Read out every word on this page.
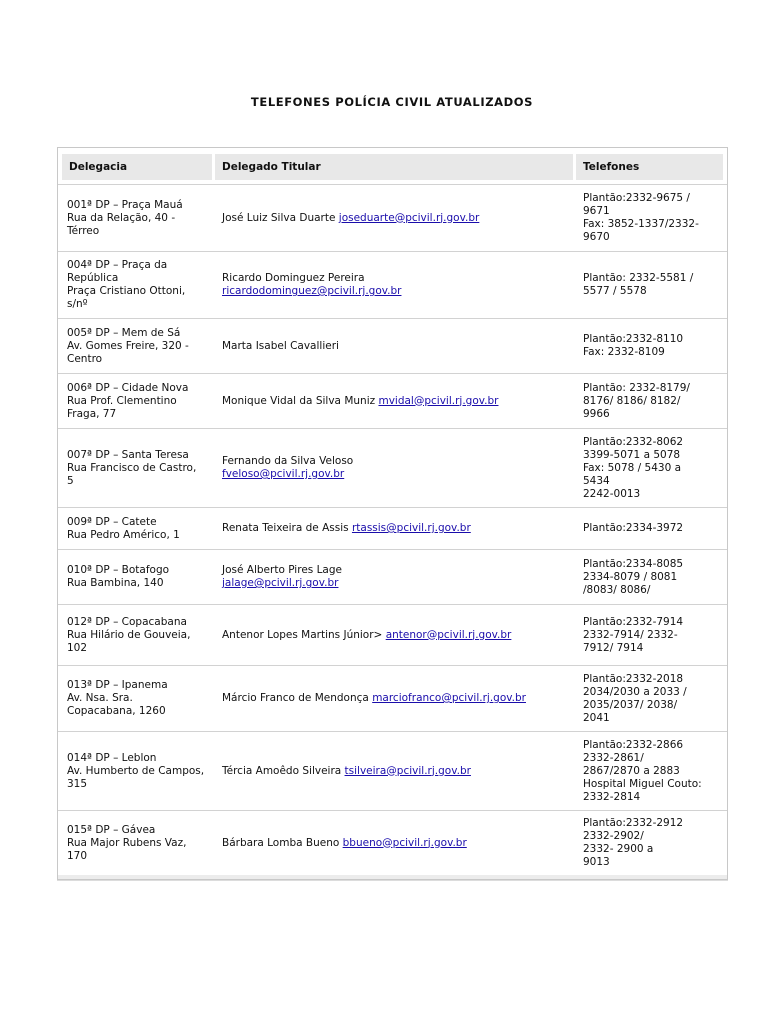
TELEFONES POLÍCIA CIVIL ATUALIZADOS
Delegacia	Delegado Titular	Telefones

001ª DP – Praça Mauá
Rua da Relação, 40 -
Térreo	José Luiz Silva Duarte joseduarte@pcivil.rj.gov.br	Plantão:2332-9675 /
9671
Fax: 3852-1337/2332-
9670

004ª DP – Praça da
República
Praça Cristiano Ottoni,
s/nº	Ricardo Dominguez Pereira
ricardodominguez@pcivil.rj.gov.br	Plantão: 2332-5581 /
5577 / 5578

005ª DP – Mem de Sá
Av. Gomes Freire, 320 -
Centro	Marta Isabel Cavallieri	Plantão:2332-8110
Fax: 2332-8109

006ª DP – Cidade Nova
Rua Prof. Clementino
Fraga, 77	Monique Vidal da Silva Muniz mvidal@pcivil.rj.gov.br	Plantão: 2332-8179/
8176/ 8186/ 8182/
9966

007ª DP – Santa Teresa
Rua Francisco de Castro,
5	Fernando da Silva Veloso
fveloso@pcivil.rj.gov.br	Plantão:2332-8062
3399-5071 a 5078
Fax: 5078 / 5430 a
5434
2242-0013

009ª DP – Catete
Rua Pedro Américo, 1	Renata Teixeira de Assis rtassis@pcivil.rj.gov.br	Plantão:2334-3972

010ª DP – Botafogo
Rua Bambina, 140	José Alberto Pires Lage
jalage@pcivil.rj.gov.br	Plantão:2334-8085
2334-8079 / 8081
/8083/ 8086/

012ª DP – Copacabana
Rua Hilário de Gouveia,
102	Antenor Lopes Martins Júnior> antenor@pcivil.rj.gov.br	Plantão:2332-7914
2332-7914/ 2332-
7912/ 7914

013ª DP – Ipanema
Av. Nsa. Sra.
Copacabana, 1260	Márcio Franco de Mendonça marciofranco@pcivil.rj.gov.br	Plantão:2332-2018
2034/2030 a 2033 /
2035/2037/ 2038/
2041

014ª DP – Leblon
Av. Humberto de Campos,
315	Tércia Amoêdo Silveira tsilveira@pcivil.rj.gov.br	Plantão:2332-2866
2332-2861/
2867/2870 a 2883
Hospital Miguel Couto:
2332-2814

015ª DP – Gávea
Rua Major Rubens Vaz,
170	Bárbara Lomba Bueno bbueno@pcivil.rj.gov.br	Plantão:2332-2912
2332-2902/
2332- 2900 a
9013
